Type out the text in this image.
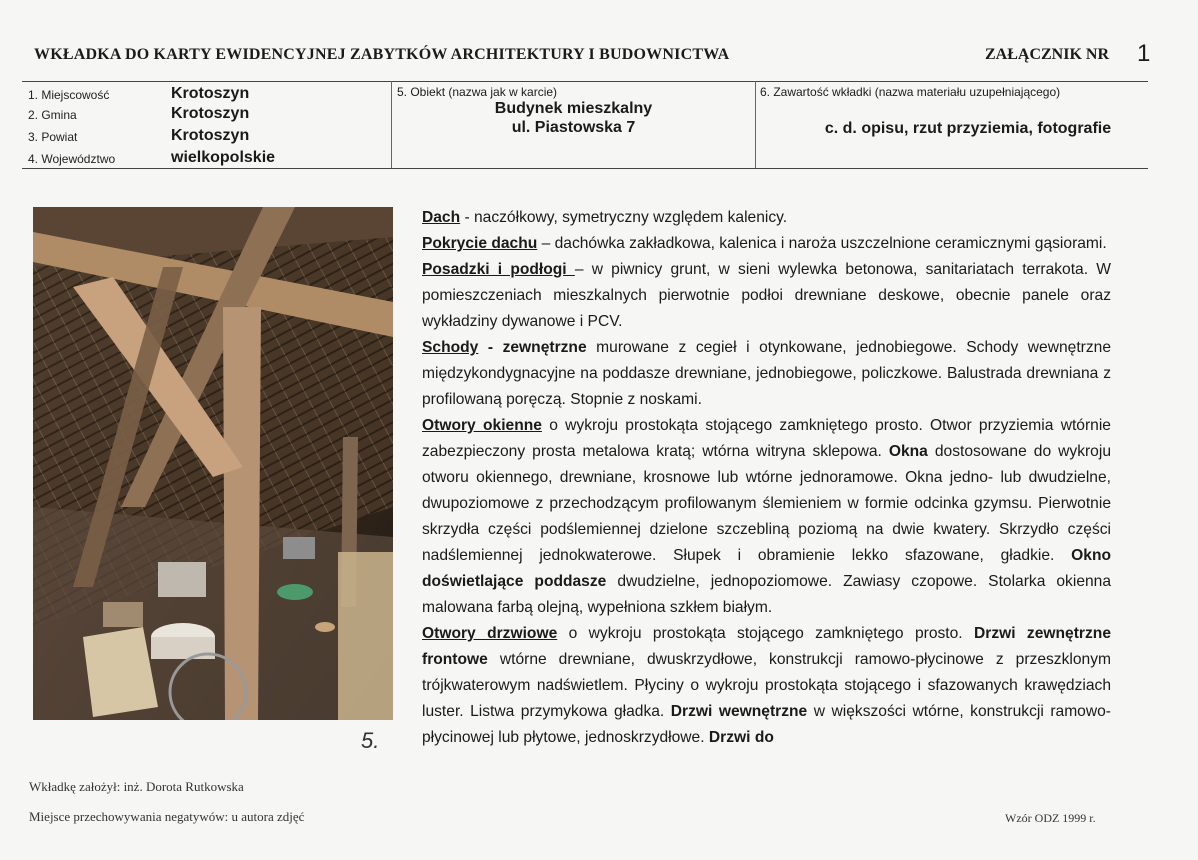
WKŁADKA DO KARTY EWIDENCYJNEJ ZABYTKÓW ARCHITEKTURY I BUDOWNICTWA	ZAŁĄCZNIK NR 1
1. Miejscowość
2. Gmina
3. Powiat
4. Województwo
Krotoszyn
Krotoszyn
Krotoszyn
wielkopolskie
5. Obiekt (nazwa jak w karcie)
Budynek mieszkalny
ul. Piastowska 7
6. Zawartość wkładki (nazwa materiału uzupełniającego)
c. d. opisu, rzut przyziemia, fotografie
5.

Dach - naczółkowy, symetryczny względem kalenicy.

Pokrycie dachu – dachówka zakładkowa, kalenica i naroża uszczelnione ceramicznymi gąsiorami.

Posadzki i podłogi – w piwnicy grunt, w sieni wylewka betonowa, sanitariatach terrakota. W pomieszczeniach mieszkalnych pierwotnie podłoi drewniane deskowe, obecnie panele oraz wykładziny dywanowe i PCV.

Schody - zewnętrzne murowane z cegieł i otynkowane, jednobiegowe. Schody wewnętrzne międzykondygnacyjne na poddasze drewniane, jednobiegowe, policzkowe. Balustrada drewniana z profilowaną poręczą. Stopnie z noskami.

Otwory okienne o wykroju prostokąta stojącego zamkniętego prosto. Otwor przyziemia wtórnie zabezpieczony prosta metalowa kratą; wtórna witryna sklepowa. Okna dostosowane do wykroju otworu okiennego, drewniane, krosnowe lub wtórne jednoramowe. Okna jedno- lub dwudzielne, dwupoziomowe z przechodzącym profilowanym ślemieniem w formie odcinka gzymsu. Pierwotnie skrzydła części podślemiennej dzielone szczebliną poziomą na dwie kwatery. Skrzydło części nadślemiennej jednokwaterowe. Słupek i obramienie lekko sfazowane, gładkie. Okno doświetlające poddasze dwudzielne, jednopoziomowe. Zawiasy czopowe. Stolarka okienna malowana farbą olejną, wypełniona szkłem białym.

Otwory drzwiowe o wykroju prostokąta stojącego zamkniętego prosto. Drzwi zewnętrzne frontowe wtórne drewniane, dwuskrzydłowe, konstrukcji ramowo-płycinowe z przeszklonym trójkwaterowym nadświetlem. Płyciny o wykroju prostokąta stojącego i sfazowanych krawędziach luster. Listwa przymykowa gładka. Drzwi wewnętrzne w większości wtórne, konstrukcji ramowo-płycinowej lub płytowe, jednoskrzydłowe. Drzwi do

Wkładkę założył: inż. Dorota Rutkowska
Miejsce przechowywania negatywów: u autora zdjęć	Wzór ODZ 1999 r.
